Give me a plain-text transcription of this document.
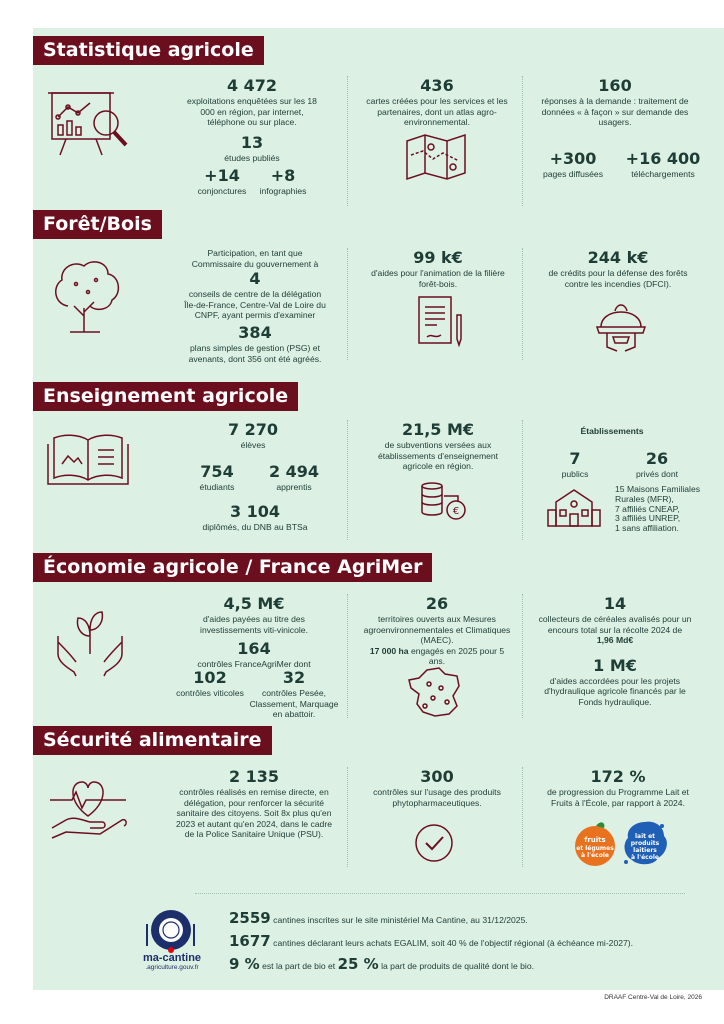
Statistique agricole
4 472
exploitations enquêtées sur les 18 000 en région, par internet, téléphone ou sur place.
13
études publiés
+14
conjonctures
+8
infographies
436
cartes créées pour les services et les partenaires, dont un atlas agro-environnemental.
160
réponses à la demande : traitement de données « à façon » sur demande des usagers.
+300
pages diffusées
+16 400
téléchargements
Forêt/Bois
Participation, en tant que Commissaire du gouvernement à
4
conseils de centre de la délégation Île-de-France, Centre-Val de Loire du CNPF, ayant permis d'examiner
384
plans simples de gestion (PSG) et avenants, dont 356 ont été agréés.
99 k€
d'aides pour l'animation de la filière forêt-bois.
244 k€
de crédits pour la défense des forêts contre les incendies (DFCI).
Enseignement agricole
7 270
élèves
754
étudiants
2 494
apprentis
3 104
diplômés, du DNB au BTSa
21,5 M€
de subventions versées aux établissements d'enseignement agricole en région.
€
Établissements
7
publics
26
privés dont
15 Maisons Familiales
Rurales (MFR),
7 affiliés CNEAP,
3 affiliés UNREP,
1 sans affiliation.
Économie agricole / France AgriMer
4,5 M€
d'aides payées au titre des investissements viti-vinicole.
164
contrôles FranceAgriMer dont
102
contrôles viticoles
32
contrôles Pesée, Classement, Marquage en abattoir.
26
territoires ouverts aux Mesures agroenvironnementales et Climatiques (MAEC).
17 000 ha engagés en 2025 pour 5 ans.
14
collecteurs de céréales avalisés pour un encours total sur la récolte 2024 de
1,96 Md€
1 M€
d'aides accordées pour les projets d'hydraulique agricole financés par le Fonds hydraulique.
Sécurité alimentaire
2 135
contrôles réalisés en remise directe, en délégation, pour renforcer la sécurité sanitaire des citoyens. Soit 8x plus qu'en 2023 et autant qu'en 2024, dans le cadre de la Police Sanitaire Unique (PSU).
300
contrôles sur l'usage des produits phytopharmaceutiques.
172 %
de progression du Programme Lait et Fruits à l'École, par rapport à 2024.
fruits
et légumes
à l'école
lait et
produits
laitiers
à l'école
ma-cantine
.agriculture.gouv.fr
2559 cantines inscrites sur le site ministériel Ma Cantine, au 31/12/2025.
1677 cantines déclarant leurs achats EGALIM, soit 40 % de l'objectif régional (à échéance mi-2027).
9 % est la part de bio et 25 % la part de produits de qualité dont le bio.
DRAAF Centre-Val de Loire, 2026
